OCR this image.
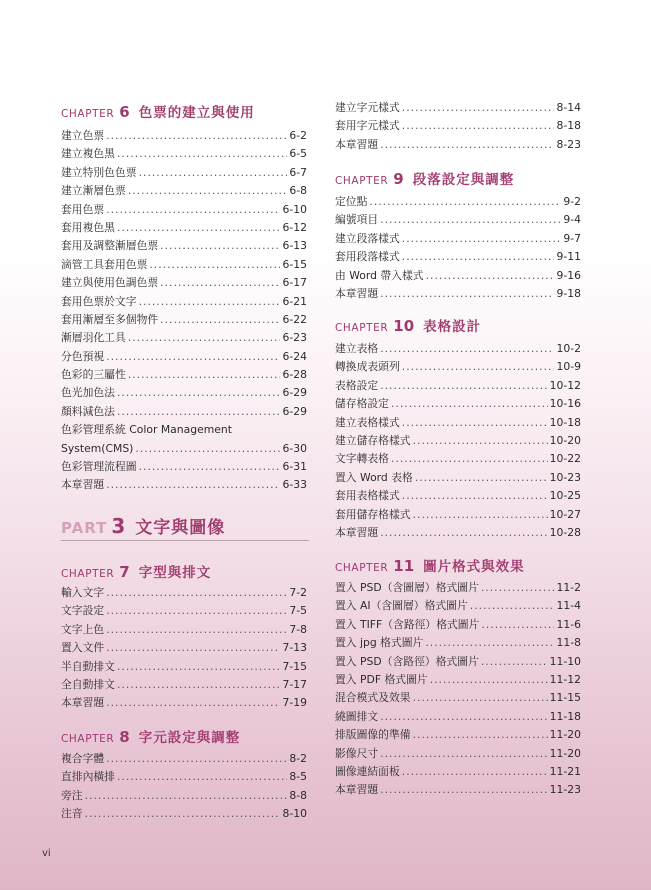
CHAPTER 6 色票的建立與使用
建立色票 .....	6-2
建立複色黑 .....	6-5
建立特別色色票 .....	6-7
建立漸層色票 .....	6-8
套用色票 .....	6-10
套用複色黑 .....	6-12
套用及調整漸層色票 .....	6-13
滴管工具套用色票 .....	6-15
建立與使用色調色票 .....	6-17
套用色票於文字 .....	6-21
套用漸層至多個物件 .....	6-22
漸層羽化工具 .....	6-23
分色預視 .....	6-24
色彩的三屬性 .....	6-28
色光加色法 .....	6-29
顏料減色法 .....	6-29
色彩管理系統 Color Management
System(CMS) .....	6-30
色彩管理流程圖 .....	6-31
本章習題 .....	6-33
PART 3 文字與圖像
CHAPTER 7 字型與排文
輸入文字 .....	7-2
文字設定 .....	7-5
文字上色 .....	7-8
置入文件 .....	7-13
半自動排文 .....	7-15
全自動排文 .....	7-17
本章習題 .....	7-19
CHAPTER 8 字元設定與調整
複合字體 .....	8-2
直排內橫排 .....	8-5
旁注 .....	8-8
注音 .....	8-10
建立字元樣式 .....	8-14
套用字元樣式 .....	8-18
本章習題 .....	8-23
CHAPTER 9 段落設定與調整
定位點 .....	9-2
編號項目 .....	9-4
建立段落樣式 .....	9-7
套用段落樣式 .....	9-11
由 Word 帶入樣式 .....	9-16
本章習題 .....	9-18
CHAPTER 10 表格設計
建立表格 .....	10-2
轉換成表頭列 .....	10-9
表格設定 .....	10-12
儲存格設定 .....	10-16
建立表格樣式 .....	10-18
建立儲存格樣式 .....	10-20
文字轉表格 .....	10-22
置入 Word 表格 .....	10-23
套用表格樣式 .....	10-25
套用儲存格樣式 .....	10-27
本章習題 .....	10-28
CHAPTER 11 圖片格式與效果
置入 PSD（含圖層）格式圖片 .....	11-2
置入 AI（含圖層）格式圖片 .....	11-4
置入 TIFF（含路徑）格式圖片 .....	11-6
置入 jpg 格式圖片 .....	11-8
置入 PSD（含路徑）格式圖片 .....	11-10
置入 PDF 格式圖片 .....	11-12
混合模式及效果 .....	11-15
繞圖排文 .....	11-18
排版圖像的準備 .....	11-20
影像尺寸 .....	11-20
圖像連結面板 .....	11-21
本章習題 .....	11-23
vi
